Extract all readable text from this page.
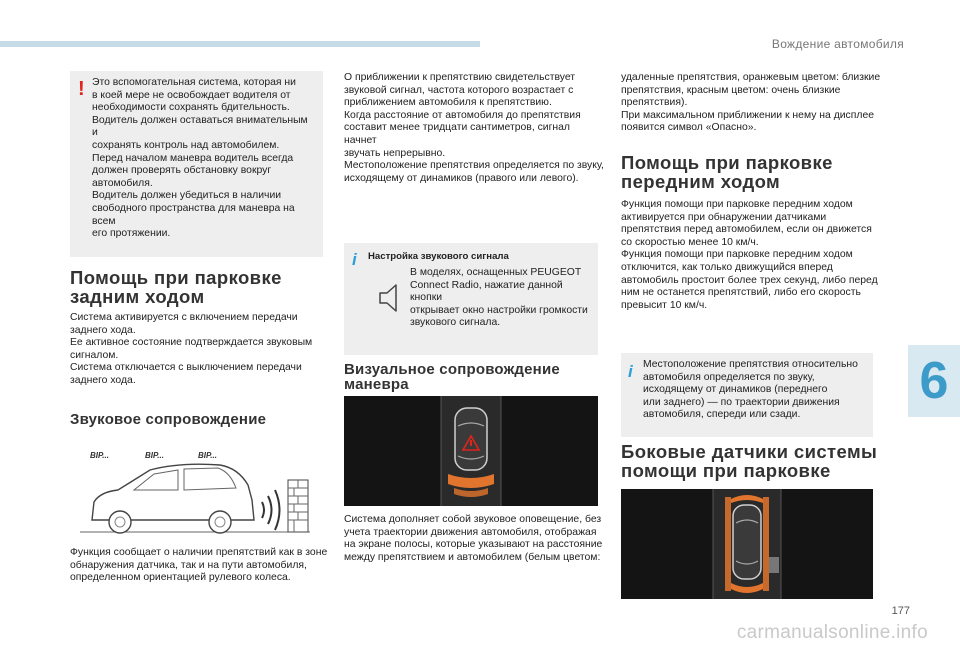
Вождение автомобиля
6
177
carmanualsonline.info
! Это вспомогательная система, которая ни

в коей мере не освобождает водителя от

необходимости сохранять бдительность.

Водитель должен оставаться внимательным и

сохранять контроль над автомобилем.

Перед началом маневра водитель всегда

должен проверять обстановку вокруг

автомобиля.

Водитель должен убедиться в наличии

свободного пространства для маневра на всем

его протяжении.

Помощь при парковке
задним ходом

Система активируется с включением передачи

заднего хода.

Ее активное состояние подтверждается звуковым

сигналом.

Система отключается с выключением передачи

заднего хода.

Звуковое сопровождение
BIP...	BIP...	BIP...

Функция сообщает о наличии препятствий как в зоне

обнаружения датчика, так и на пути автомобиля,

определенном ориентацией рулевого колеса.

О приближении к препятствию свидетельствует

звуковой сигнал, частота которого возрастает с

приближением автомобиля к препятствию.

Когда расстояние от автомобиля до препятствия

составит менее тридцати сантиметров, сигнал начнет

звучать непрерывно.

Местоположение препятствия определяется по звуку,

исходящему от динамиков (правого или левого).

i Настройка звукового сигнала

В моделях, оснащенных PEUGEOT

Connect Radio, нажатие данной кнопки

открывает окно настройки громкости

звукового сигнала.

Визуальное сопровождение
маневра

Система дополняет собой звуковое оповещение, без

учета траектории движения автомобиля, отображая

на экране полосы, которые указывают на расстояние

между препятствием и автомобилем (белым цветом:

удаленные препятствия, оранжевым цветом: близкие

препятствия, красным цветом: очень близкие

препятствия).

При максимальном приближении к нему на дисплее

появится символ «Опасно».

Помощь при парковке
передним ходом

Функция помощи при парковке передним ходом

активируется при обнаружении датчиками

препятствия перед автомобилем, если он движется

со скоростью менее 10 км/ч.

Функция помощи при парковке передним ходом

отключится, как только движущийся вперед

автомобиль простоит более трех секунд, либо перед

ним не останется препятствий, либо его скорость

превысит 10 км/ч.

i Местоположение препятствия относительно

автомобиля определяется по звуку,

исходящему от динамиков (переднего

или заднего) — по траектории движения

автомобиля, спереди или сзади.

Боковые датчики системы
помощи при парковке
